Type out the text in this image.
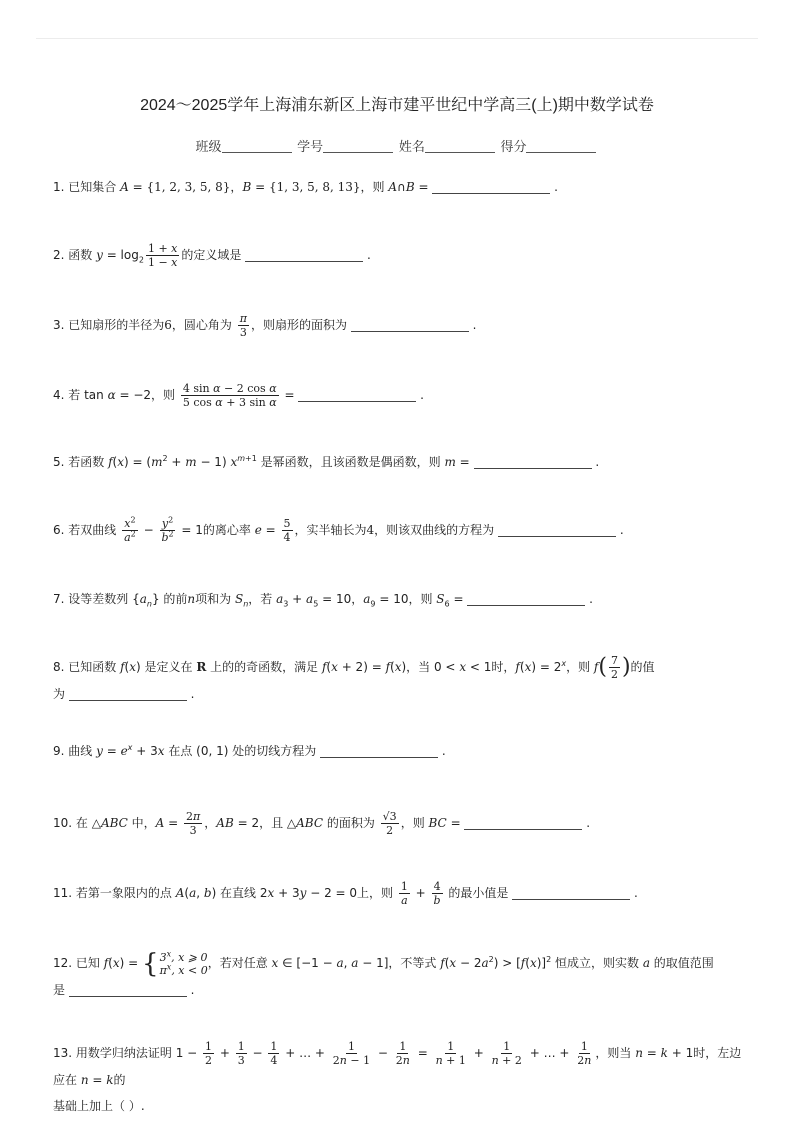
2024～2025学年上海浦东新区上海市建平世纪中学高三(上)期中数学试卷
班级	学号	姓名	得分
1. 已知集合 A = {1, 2, 3, 5, 8}，B = {1, 3, 5, 8, 13}，则 A∩B =	.
2. 函数 $y = \log_2 \frac{1 + x}{1 - x}$ 的定义域是	.
3. 已知扇形的半径为6，圆心角为 $\frac{\pi}{3}$ ，则扇形的面积为	.
4. 若 tan α = −2，则 $\frac{\text{4 sin α − 2 cos α}}{\text{5 cos α + 3 sin α}}$ =	.
5. 若函数 $f(x) = (m^2 + m - 1)$ $x^{m+1}$ 是幂函数，且该函数是偶函数，则 m =	.
6. 若双曲线 $\frac{x^2}{a^2} - \frac{y^2}{b^2} = 1$的离心率 $e = \frac{5}{4}$ ，实半轴长为4，则该双曲线的方程为	.
7. 设等差数列 $\{a_n\}$ 的前n项和为 $S_n$，若 $a_3 + a_5 = 10$，$a_9 = 10$，则 $S_6$ =	.
8. 已知函数 f(x) 是定义在 R 上的的奇函数，满足 f(x + 2) = f(x)，当 0 < x < 1时，$f(x) = 2^x$，则 $f( \frac{7}{2}$ )的值
为	.
9. 曲线 $y = e^x + 3x$ 在点 (0, 1) 处的切线方程为	.
10. 在 △ABC 中，$A = \frac{2\pi}{3}$ ，AB = 2，且 △ABC 的面积为 $\frac{√3}{2}$ ，则 BC =	.
11. 若第一象限内的点 A(a, b) 在直线 2x + 3y − 2 = 0上，则 $\frac{1}{a} + \frac{4}{b}$ 的最小值是	.
12. 已知 f(x) = { 3$^x$, x ⩾ 0
$\pi^x$, x < 0 ，若对任意 x ∈ [−1 − a, a − 1]，不等式 $f(x - 2a^2) > [f(x)]^2$ 恒成立，则实数 a 的取值范围
是	.
13. 用数学归纳法证明 $1 - \frac{1}{2} + \frac{1}{3} - \frac{1}{4}$ + … + $\frac{1}{2n - 1} - \frac{1}{2n} = \frac{1}{n + 1} + \frac{1}{n + 2}$ + … + $\frac{1}{2n}$ ，则当 n = k + 1时，左边应在 n = k的
基础上加上（ ）.
